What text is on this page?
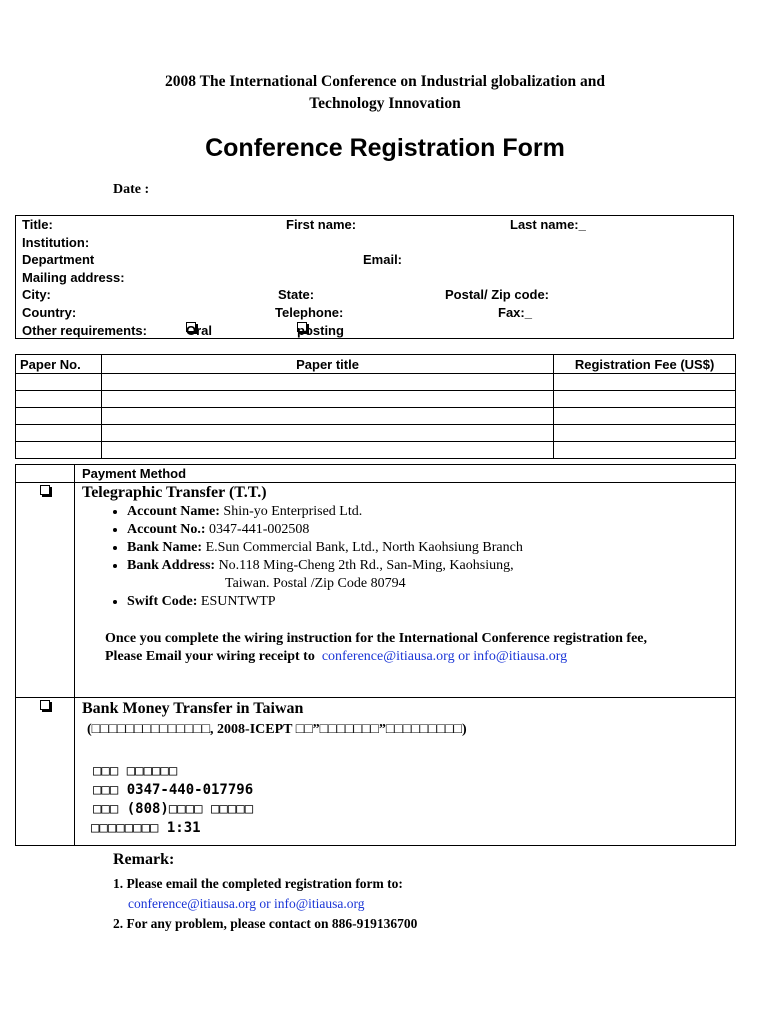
2008 The International Conference on Industrial globalization and
Technology Innovation
Conference Registration Form
Date :
Title:	First name:	Last name:_
Institution:
Department	Email:
Mailing address:
City:	State:	Postal/ Zip code:
Country:	Telephone:	Fax:_
Other requirements:	Oral	posting
Paper No.	Paper title	Registration Fee (US$)

Payment Method
Telegraphic Transfer (T.T.)
• Account Name: Shin-yo Enterprised Ltd.
• Account No.: 0347-441-002508
• Bank Name: E.Sun Commercial Bank, Ltd., North Kaohsiung Branch
• Bank Address: No.118 Ming-Cheng 2th Rd., San-Ming, Kaohsiung,
Taiwan. Postal /Zip Code 80794
• Swift Code: ESUNTWTP
Once you complete the wiring instruction for the International Conference registration fee,
Please Email your wiring receipt to conference@itiausa.org or info@itiausa.org
Bank Money Transfer in Taiwan
(□□□□□□□□□□□□□□, 2008-ICEPT □□”□□□□□□□”□□□□□□□□□)
□□□ □□□□□□
□□□ 0347-440-017796
□□□ (808)□□□□ □□□□□
□□□□□□□□ 1:31
Remark:
1. Please email the completed registration form to:
conference@itiausa.org or info@itiausa.org
2. For any problem, please contact on 886-919136700
